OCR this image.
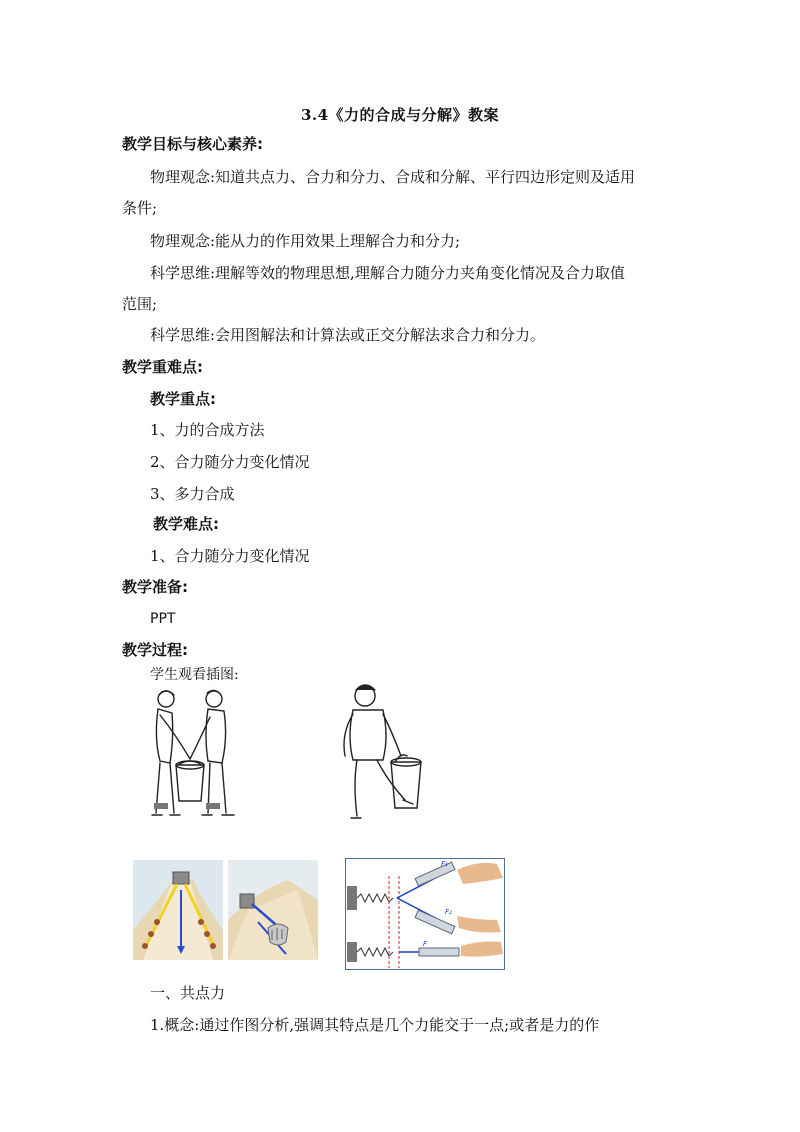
3.4《力的合成与分解》教案
教学目标与核心素养:
物理观念:知道共点力、合力和分力、合成和分解、平行四边形定则及适用
条件;
物理观念:能从力的作用效果上理解合力和分力;
科学思维:理解等效的物理思想,理解合力随分力夹角变化情况及合力取值
范围;
科学思维:会用图解法和计算法或正交分解法求合力和分力。
教学重难点:
教学重点:
1、力的合成方法
2、合力随分力变化情况
3、多力合成
教学难点:
1、合力随分力变化情况
教学准备:
PPT
教学过程:
学生观看插图:
F₁
F₂
F
一、共点力
1.概念:通过作图分析,强调其特点是几个力能交于一点;或者是力的作
